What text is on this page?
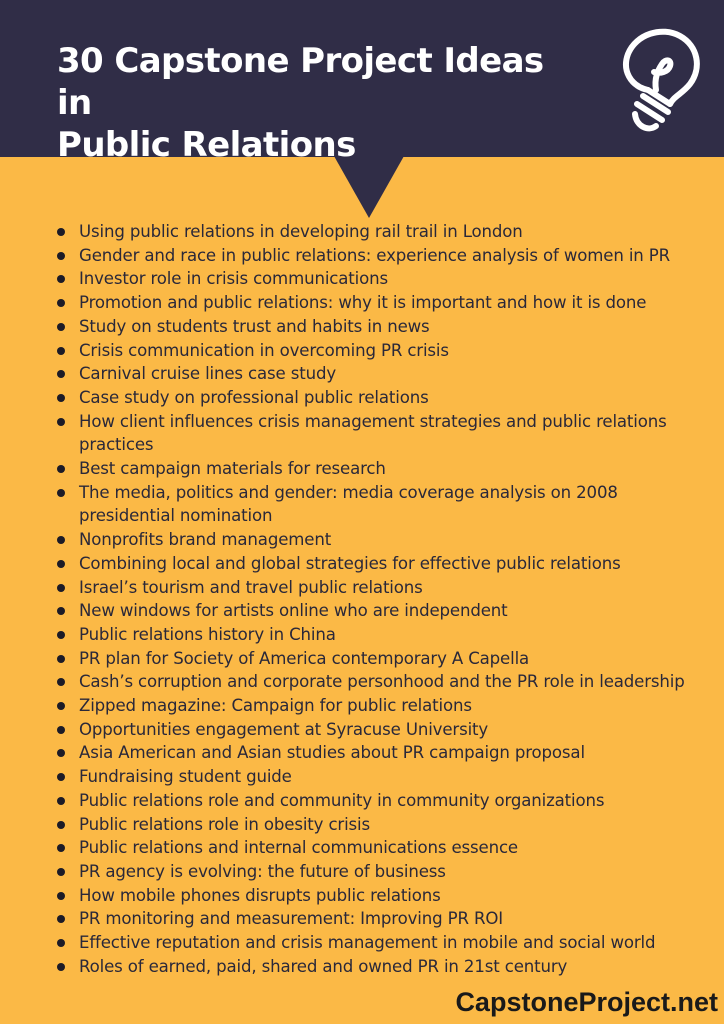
30 Capstone Project Ideas in
Public Relations
Using public relations in developing rail trail in London
Gender and race in public relations: experience analysis of women in PR
Investor role in crisis communications
Promotion and public relations: why it is important and how it is done
Study on students trust and habits in news
Crisis communication in overcoming PR crisis
Carnival cruise lines case study
Case study on professional public relations
How client influences crisis management strategies and public relations practices
Best campaign materials for research
The media, politics and gender: media coverage analysis on 2008 presidential nomination
Nonprofits brand management
Combining local and global strategies for effective public relations
Israel’s tourism and travel public relations
New windows for artists online who are independent
Public relations history in China
PR plan for Society of America contemporary A Capella
Cash’s corruption and corporate personhood and the PR role in leadership
Zipped magazine: Campaign for public relations
Opportunities engagement at Syracuse University
Asia American and Asian studies about PR campaign proposal
Fundraising student guide
Public relations role and community in community organizations
Public relations role in obesity crisis
Public relations and internal communications essence
PR agency is evolving: the future of business
How mobile phones disrupts public relations
PR monitoring and measurement: Improving PR ROI
Effective reputation and crisis management in mobile and social world
Roles of earned, paid, shared and owned PR in 21st century
CapstoneProject.net
